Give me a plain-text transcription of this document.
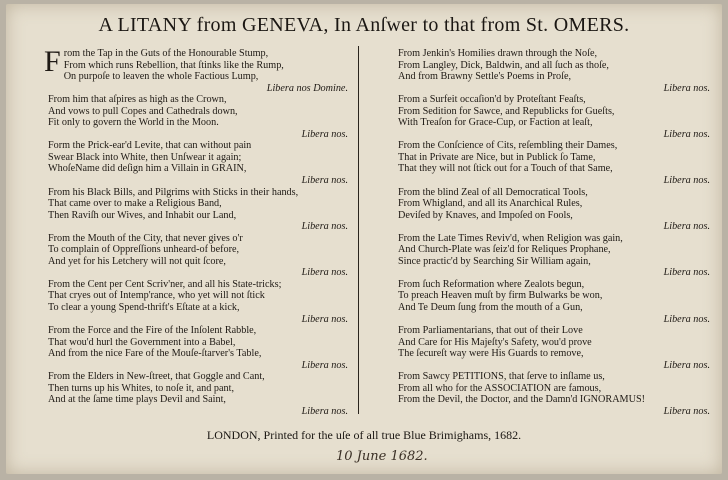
A LITANY from GENEVA, In Anſwer to that from St. OMERS.
From the Tap in the Guts of the Honourable Stump,
From which runs Rebellion, that ſtinks like the Rump,
On purpoſe to leaven the whole Factious Lump,
Libera nos Domine.
From him that aſpires as high as the Crown,
And vows to pull Copes and Cathedrals down,
Fit only to govern the World in the Moon.
Libera nos.
Form the Prick-ear'd Levite, that can without pain
Swear Black into White, then Unſwear it again;
WhoſeName did deſign him a Villain in GRAIN,
Libera nos.
From his Black Bills, and Pilgrims with Sticks in their hands,
That came over to make a Religious Band,
Then Raviſh our Wives, and Inhabit our Land,
Libera nos.
From the Mouth of the City, that never gives o'r
To complain of Oppreſſions unheard-of before,
And yet for his Letchery will not quit ſcore,
Libera nos.
From the Cent per Cent Scriv'ner, and all his State-tricks;
That cryes out of Intemp'rance, who yet will not ſtick
To clear a young Spend-thrift's Eſtate at a kick,
Libera nos.
From the Force and the Fire of the Inſolent Rabble,
That wou'd hurl the Government into a Babel,
And from the nice Fare of the Mouſe-ſtarver's Table,
Libera nos.
From the Elders in New-ſtreet, that Goggle and Cant,
Then turns up his Whites, to noſe it, and pant,
And at the ſame time plays Devil and Saint,
Libera nos.
From Jenkin's Homilies drawn through the Noſe,
From Langley, Dick, Baldwin, and all ſuch as thoſe,
And from Brawny Settle's Poems in Proſe,
Libera nos.
From a Surfeit occaſion'd by Proteſtant Feaſts,
From Sedition for Sawce, and Republicks for Gueſts,
With Treaſon for Grace-Cup, or Faction at leaſt,
Libera nos.
From the Conſcience of Cits, reſembling their Dames,
That in Private are Nice, but in Publick ſo Tame,
That they will not ſtick out for a Touch of that Same,
Libera nos.
From the blind Zeal of all Democratical Tools,
From Whigland, and all its Anarchical Rules,
Deviſed by Knaves, and Impoſed on Fools,
Libera nos.
From the Late Times Reviv'd, when Religion was gain,
And Church-Plate was ſeiz'd for Reliques Prophane,
Since practic'd by Searching Sir William again,
Libera nos.
From ſuch Reformation where Zealots begun,
To preach Heaven muſt by firm Bulwarks be won,
And Te Deum ſung from the mouth of a Gun,
Libera nos.
From Parliamentarians, that out of their Love
And Care for His Majeſty's Safety, wou'd prove
The ſecureſt way were His Guards to remove,
Libera nos.
From Sawcy PETITIONS, that ſerve to inſlame us,
From all who for the ASSOCIATION are famous,
From the Devil, the Doctor, and the Damn'd IGNORAMUS!
Libera nos.
LONDON, Printed for the uſe of all true Blue Brimighams, 1682.
10 June 1682.
